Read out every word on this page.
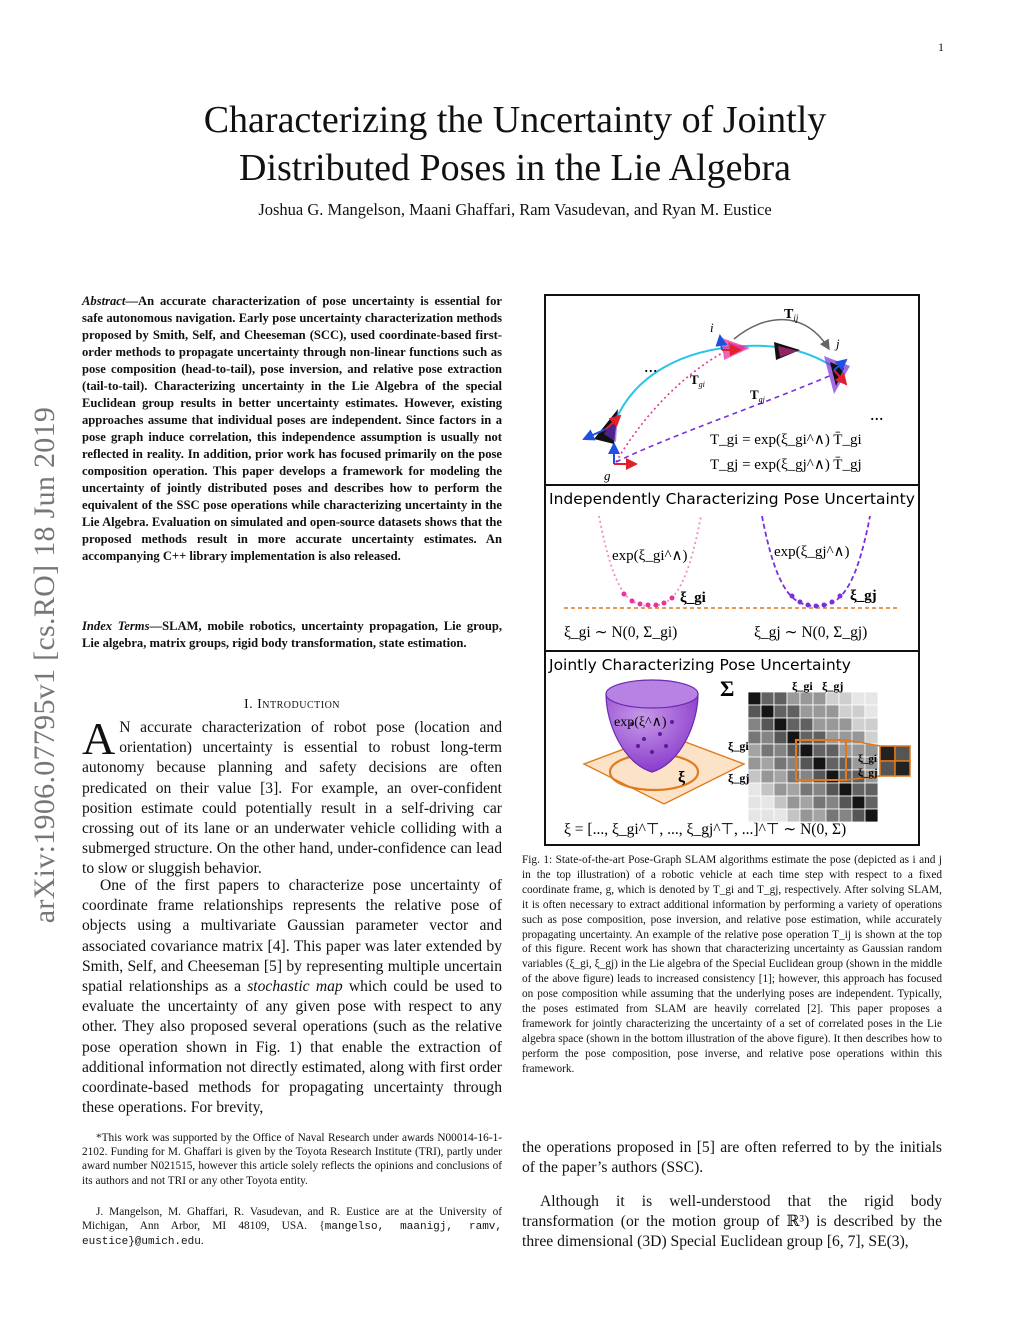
1
arXiv:1906.07795v1 [cs.RO] 18 Jun 2019
Characterizing the Uncertainty of Jointly
Distributed Poses in the Lie Algebra
Joshua G. Mangelson, Maani Ghaffari, Ram Vasudevan, and Ryan M. Eustice
Abstract—An accurate characterization of pose uncertainty is essential for safe autonomous navigation. Early pose uncertainty characterization methods proposed by Smith, Self, and Cheeseman (SCC), used coordinate-based first-order methods to propagate uncertainty through non-linear functions such as pose composition (head-to-tail), pose inversion, and relative pose extraction (tail-to-tail). Characterizing uncertainty in the Lie Algebra of the special Euclidean group results in better uncertainty estimates. However, existing approaches assume that individual poses are independent. Since factors in a pose graph induce correlation, this independence assumption is usually not reflected in reality. In addition, prior work has focused primarily on the pose composition operation. This paper develops a framework for modeling the uncertainty of jointly distributed poses and describes how to perform the equivalent of the SSC pose operations while characterizing uncertainty in the Lie Algebra. Evaluation on simulated and open-source datasets shows that the proposed methods result in more accurate uncertainty estimates. An accompanying C++ library implementation is also released.
Index Terms—SLAM, mobile robotics, uncertainty propagation, Lie group, Lie algebra, matrix groups, rigid body transformation, state estimation.
I. Introduction
A N accurate characterization of robot pose (location and orientation) uncertainty is essential to robust long-term autonomy because planning and safety decisions are often predicated on their value [3]. For example, an over-confident position estimate could potentially result in a self-driving car crossing out of its lane or an underwater vehicle colliding with a submerged structure. On the other hand, under-confidence can lead to slow or sluggish behavior.
One of the first papers to characterize pose uncertainty of coordinate frame relationships represents the relative pose of objects using a multivariate Gaussian parameter vector and associated covariance matrix [4]. This paper was later extended by Smith, Self, and Cheeseman [5] by representing multiple uncertain spatial relationships as a stochastic map which could be used to evaluate the uncertainty of any given pose with respect to any other. They also proposed several operations (such as the relative pose operation shown in Fig. 1) that enable the extraction of additional information not directly estimated, along with first order coordinate-based methods for propagating uncertainty through these operations. For brevity,
*This work was supported by the Office of Naval Research under awards N00014-16-1-2102. Funding for M. Ghaffari is given by the Toyota Research Institute (TRI), partly under award number N021515, however this article solely reflects the opinions and conclusions of its authors and not TRI or any other Toyota entity.
J. Mangelson, M. Ghaffari, R. Vasudevan, and R. Eustice are at the University of Michigan, Ann Arbor, MI 48109, USA. {mangelso, maanigj, ramv, eustice}@umich.edu.
$T_{ij}$
i
j
g
$T_{gi}$
$T_{gj}$
...
...
T_gi = exp(ξ_gi^∧) T̄_gi
T_gj = exp(ξ_gj^∧) T̄_gj
Independently Characterizing Pose Uncertainty
exp(ξ_gi^∧)	exp(ξ_gj^∧)
ξ_gi	ξ_gj
ξ_gi ∼ N(0, Σ_gi)	ξ_gj ∼ N(0, Σ_gj)
Jointly Characterizing Pose Uncertainty
exp(ξ^∧)
ξ
Σ	ξ_gi ξ_gj
ξ_gi
ξ_gj
ξ_gi
ξ_gj
ξ = [..., ξ_gi^⊤, ..., ξ_gj^⊤, ...]^⊤ ∼ N(0, Σ)
Fig. 1: State-of-the-art Pose-Graph SLAM algorithms estimate the pose (depicted as i and j in the top illustration) of a robotic vehicle at each time step with respect to a fixed coordinate frame, g, which is denoted by T_gi and T_gj, respectively. After solving SLAM, it is often necessary to extract additional information by performing a variety of operations such as pose composition, pose inversion, and relative pose estimation, while accurately propagating uncertainty. An example of the relative pose operation T_ij is shown at the top of this figure. Recent work has shown that characterizing uncertainty as Gaussian random variables (ξ_gi, ξ_gj) in the Lie algebra of the Special Euclidean group (shown in the middle of the above figure) leads to increased consistency [1]; however, this approach has focused on pose composition while assuming that the underlying poses are independent. Typically, the poses estimated from SLAM are heavily correlated [2]. This paper proposes a framework for jointly characterizing the uncertainty of a set of correlated poses in the Lie algebra space (shown in the bottom illustration of the above figure). It then describes how to perform the pose composition, pose inverse, and relative pose operations within this framework.
the operations proposed in [5] are often referred to by the initials of the paper’s authors (SSC).
Although it is well-understood that the rigid body transformation (or the motion group of ℝ³) is described by the three dimensional (3D) Special Euclidean group [6, 7], SE(3),
